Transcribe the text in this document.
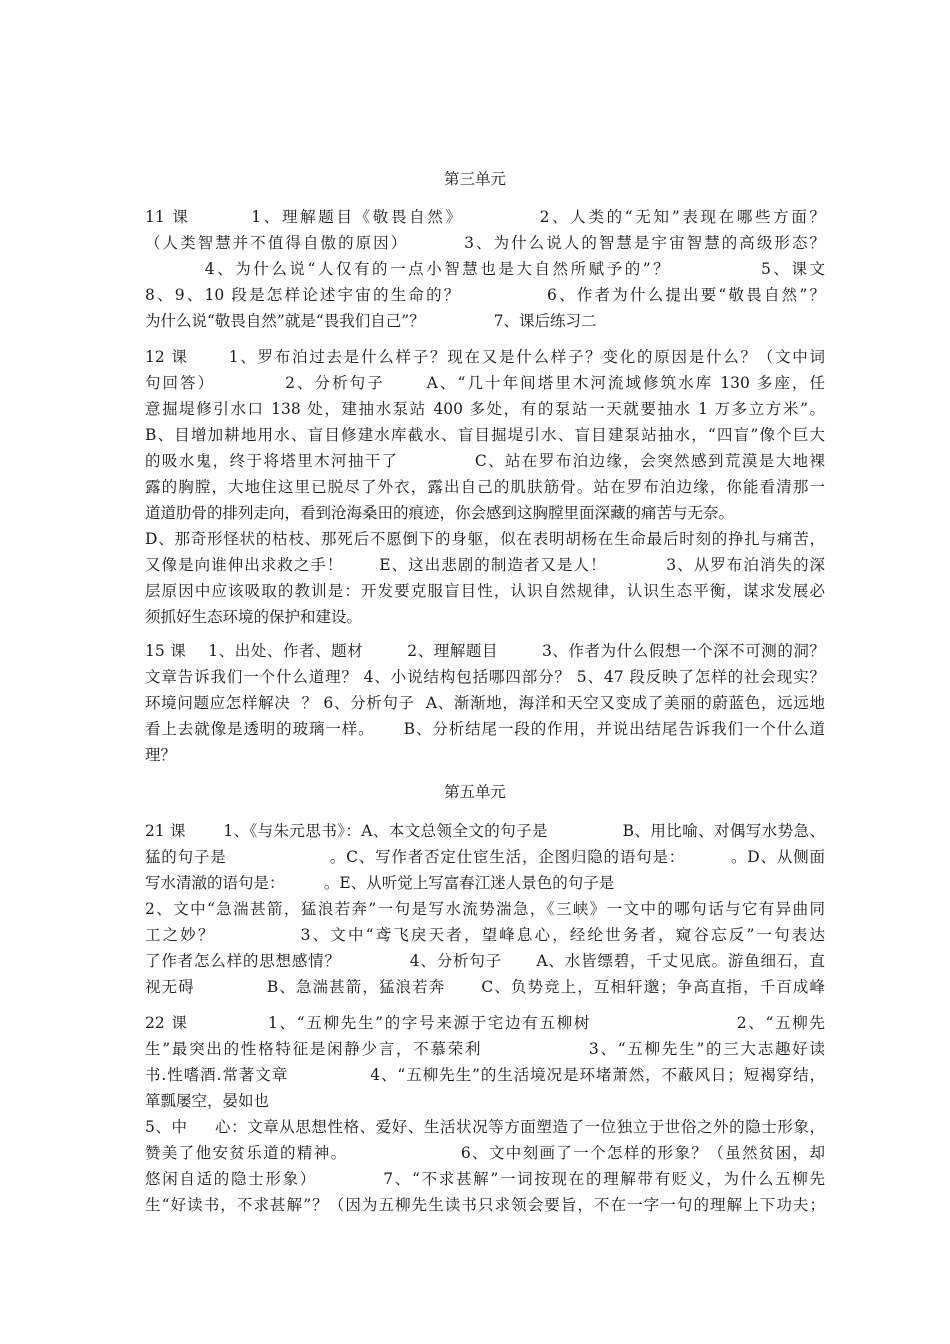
第三单元
11 课        1、理解题目《敬畏自然》          2、人类的“无知”表现在哪些方面？
（人类智慧并不值得自傲的原因）        3、为什么说人的智慧是宇宙智慧的高级形态？
4、为什么说“人仅有的一点小智慧也是大自然所赋予的”？            5、课文
8、9、10 段是怎样论述宇宙的生命的？            6、作者为什么提出要“敬畏自然”？
为什么说“敬畏自然”就是“畏我们自己”？              7、课后练习二
12 课      1、罗布泊过去是什么样子？现在又是什么样子？变化的原因是什么？（文中词
句回答）          2、分析句子      A、“几十年间塔里木河流域修筑水库 130 多座，任
意掘堤修引水口 138 处，建抽水泵站 400 多处，有的泵站一天就要抽水 1 万多立方米”。
B、目增加耕地用水、盲目修建水库截水、盲目掘堤引水、盲目建泵站抽水，“四盲”像个巨大
的吸水鬼，终于将塔里木河抽干了            C、站在罗布泊边缘，会突然感到荒漠是大地裸
露的胸膛，大地住这里已脱尽了外衣，露出自己的肌肤筋骨。站在罗布泊边缘，你能看清那一
道道肋骨的排列走向，看到沧海桑田的痕迹，你会感到这胸膛里面深藏的痛苦与无奈。
D、那奇形怪状的枯枝、那死后不愿倒下的身躯，似在表明胡杨在生命最后时刻的挣扎与痛苦，
又像是向谁伸出求救之手！      E、这出悲剧的制造者又是人！          3、从罗布泊消失的深
层原因中应该吸取的教训是：开发要克服盲目性，认识自然规律，认识生态平衡，谋求发展必
须抓好生态环境的保护和建设。
15 课    1、出处、作者、题材        2、理解题目        3、作者为什么假想一个深不可测的洞？
文章告诉我们一个什么道理？ 4、小说结构包括哪四部分？ 5、47 段反映了怎样的社会现实？
环境问题应怎样解决  ？ 6、分析句子  A、渐渐地，海洋和天空又变成了美丽的蔚蓝色，远远地
看上去就像是透明的玻璃一样。     B、分析结尾一段的作用，并说出结尾告诉我们一个什么道
理？
第五单元
21 课       1、《与朱元思书》：A、本文总领全文的句子是              B、用比喻、对偶写水势急、
猛的句子是                  。C、写作者否定仕宦生活，企图归隐的语句是：        。D、从侧面
写水清澈的语句是：        。E、从听觉上写富春江迷人景色的句子是
2、文中“急湍甚箭，猛浪若奔”一句是写水流势湍急，《三峡》一文中的哪句话与它有异曲同
工之妙？            3、文中“鸢飞戾天者，望峰息心，经纶世务者，窥谷忘反”一句表达
了作者怎么样的思想感情？            4、分析句子      A、水皆缥碧，千丈见底。游鱼细石，直
视无碍            B、急湍甚箭，猛浪若奔      C、负势竞上，互相轩邈；争高直指，千百成峰
22 课            1、“五柳先生”的字号来源于宅边有五柳树                      2、“五柳先
生”最突出的性格特征是闲静少言，不慕荣利                3、“五柳先生”的三大志趣好读
书.性嗜酒.常著文章              4、“五柳先生”的生活境况是环堵萧然，不蔽风日；短褐穿结，
箪瓢屡空，晏如也
5、中     心：文章从思想性格、爱好、生活状况等方面塑造了一位独立于世俗之外的隐士形象，
赞美了他安贫乐道的精神。                  6、文中刻画了一个怎样的形象？（虽然贫困，却
悠闲自适的隐士形象）          7、“不求甚解”一词按现在的理解带有贬义，为什么五柳先
生“好读书，不求甚解”？（因为五柳先生读书只求领会要旨，不在一字一句的理解上下功夫；
